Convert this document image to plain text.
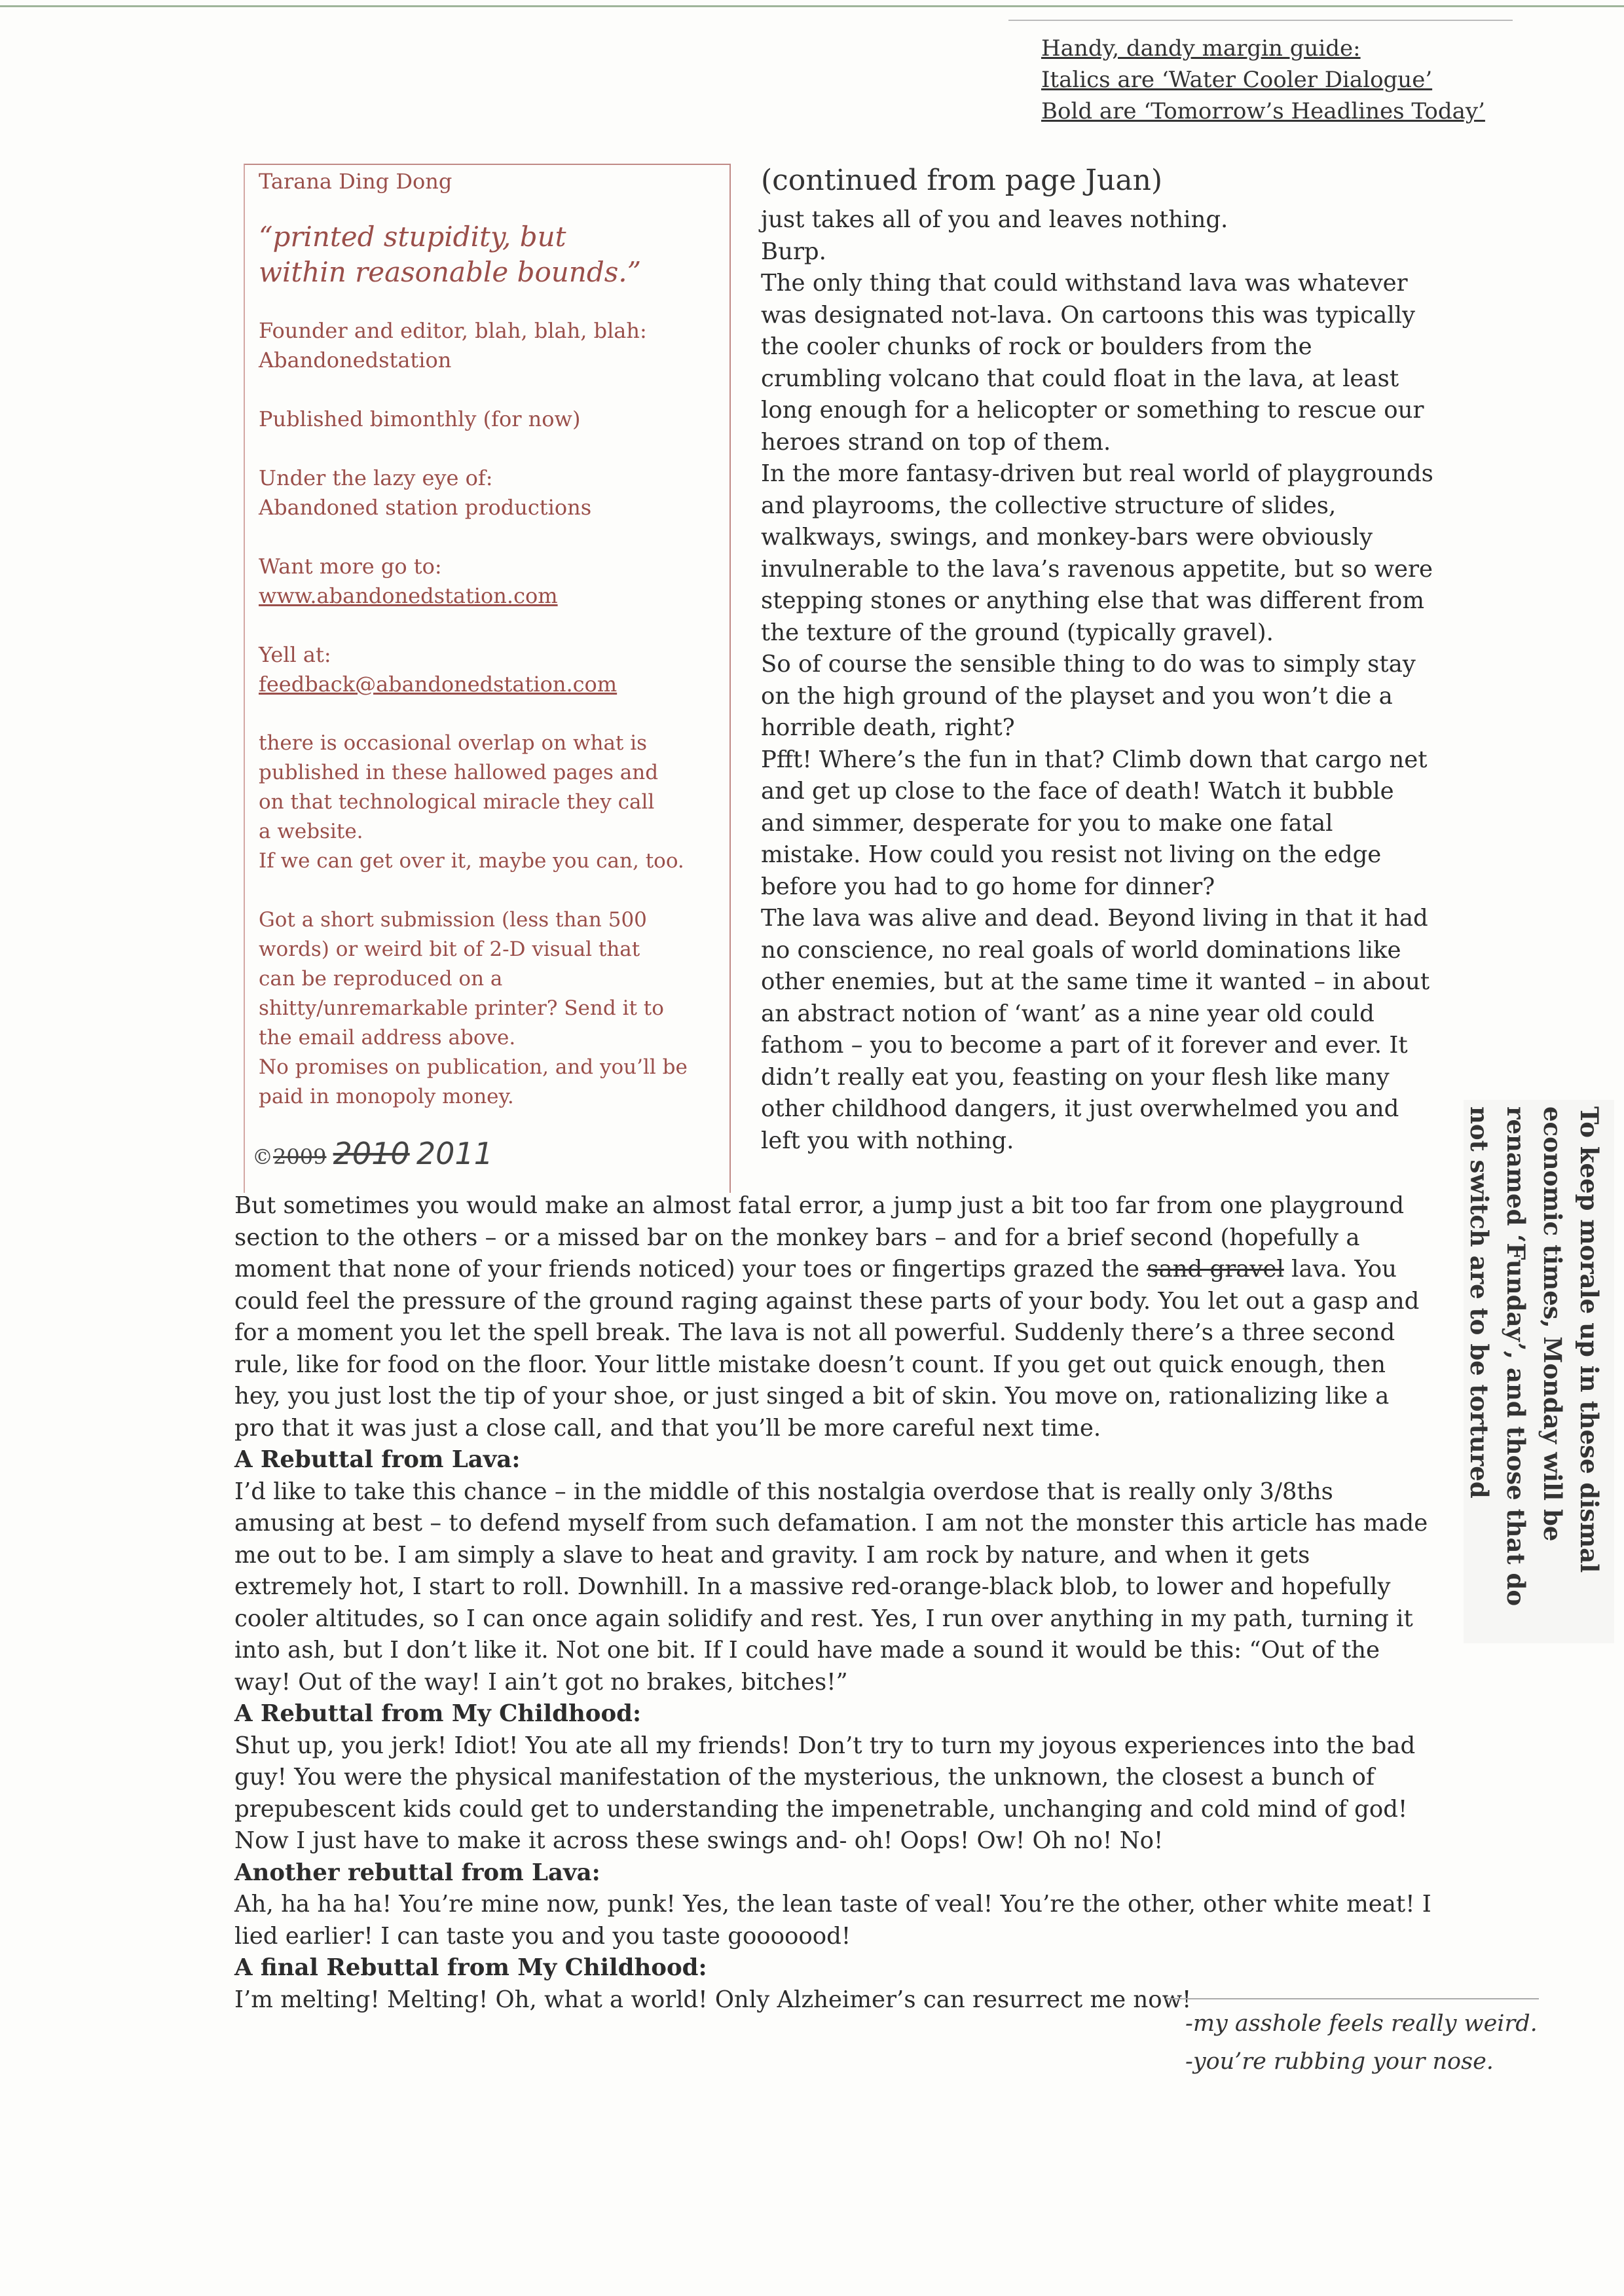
Handy, dandy margin guide:
Italics are ‘Water Cooler Dialogue’
Bold are ‘Tomorrow’s Headlines Today’
Tarana Ding Dong
“printed stupidity, but
within reasonable bounds.”
Founder and editor, blah, blah, blah:
Abandonedstation
Published bimonthly (for now)
Under the lazy eye of:
Abandoned station productions
Want more go to:
www.abandonedstation.com
Yell at:
feedback@abandonedstation.com
there is occasional overlap on what is
published in these hallowed pages and
on that technological miracle they call
a website.
If we can get over it, maybe you can, too.
Got a short submission (less than 500
words) or weird bit of 2-D visual that
can be reproduced on a
shitty/unremarkable printer? Send it to
the email address above.
No promises on publication, and you’ll be
paid in monopoly money.
©2009 2010 2011
(continued from page Juan)

just takes all of you and leaves nothing.

Burp.

The only thing that could withstand lava was whatever was designated not-lava. On cartoons this was typically the cooler chunks of rock or boulders from the crumbling volcano that could float in the lava, at least long enough for a helicopter or something to rescue our heroes strand on top of them.

In the more fantasy-driven but real world of playgrounds and playrooms, the collective structure of slides, walkways, swings, and monkey-bars were obviously invulnerable to the lava’s ravenous appetite, but so were stepping stones or anything else that was different from the texture of the ground (typically gravel).

So of course the sensible thing to do was to simply stay on the high ground of the playset and you won’t die a horrible death, right?

Pfft! Where’s the fun in that? Climb down that cargo net and get up close to the face of death! Watch it bubble and simmer, desperate for you to make one fatal mistake. How could you resist not living on the edge before you had to go home for dinner?

The lava was alive and dead. Beyond living in that it had no conscience, no real goals of world dominations like other enemies, but at the same time it wanted – in about an abstract notion of ‘want’ as a nine year old could fathom – you to become a part of it forever and ever. It didn’t really eat you, feasting on your flesh like many other childhood dangers, it just overwhelmed you and left you with nothing.

But sometimes you would make an almost fatal error, a jump just a bit too far from one playground section to the others – or a missed bar on the monkey bars – and for a brief second (hopefully a moment that none of your friends noticed) your toes or fingertips grazed the sand gravel lava. You could feel the pressure of the ground raging against these parts of your body. You let out a gasp and for a moment you let the spell break. The lava is not all powerful. Suddenly there’s a three second rule, like for food on the floor. Your little mistake doesn’t count. If you get out quick enough, then hey, you just lost the tip of your shoe, or just singed a bit of skin. You move on, rationalizing like a pro that it was just a close call, and that you’ll be more careful next time.

A Rebuttal from Lava:

I’d like to take this chance – in the middle of this nostalgia overdose that is really only 3/8ths amusing at best – to defend myself from such defamation. I am not the monster this article has made me out to be. I am simply a slave to heat and gravity. I am rock by nature, and when it gets extremely hot, I start to roll. Downhill. In a massive red-orange-black blob, to lower and hopefully cooler altitudes, so I can once again solidify and rest. Yes, I run over anything in my path, turning it into ash, but I don’t like it. Not one bit. If I could have made a sound it would be this: “Out of the way! Out of the way! I ain’t got no brakes, bitches!”

A Rebuttal from My Childhood:

Shut up, you jerk! Idiot! You ate all my friends! Don’t try to turn my joyous experiences into the bad guy! You were the physical manifestation of the mysterious, the unknown, the closest a bunch of prepubescent kids could get to understanding the impenetrable, unchanging and cold mind of god! Now I just have to make it across these swings and- oh! Oops! Ow! Oh no! No!

Another rebuttal from Lava:

Ah, ha ha ha! You’re mine now, punk! Yes, the lean taste of veal! You’re the other, other white meat! I lied earlier! I can taste you and you taste gooooood!

A final Rebuttal from My Childhood:

I’m melting! Melting! Oh, what a world! Only Alzheimer’s can resurrect me now!

To keep morale up in these dismal economic times, Monday will be renamed ‘Funday’, and those that do not switch are to be tortured
-my asshole feels really weird.
-you’re rubbing your nose.
